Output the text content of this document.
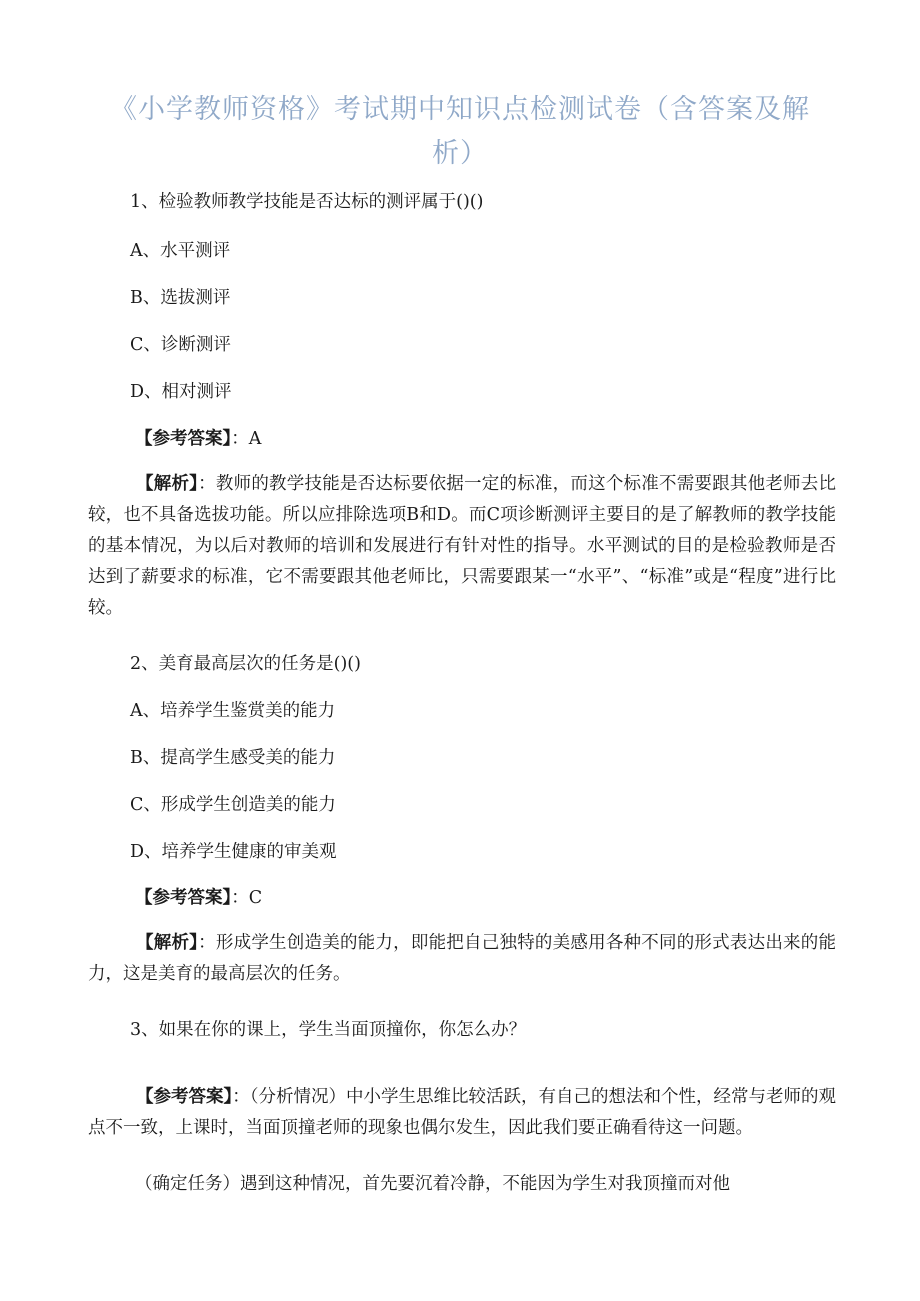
《小学教师资格》考试期中知识点检测试卷（含答案及解析）

1、检验教师教学技能是否达标的测评属于()()

A、水平测评

B、选拔测评

C、诊断测评

D、相对测评

【参考答案】：A

【解析】：教师的教学技能是否达标要依据一定的标准，而这个标准不需要跟其他老师去比较，也不具备选拔功能。所以应排除选项B和D。而C项诊断测评主要目的是了解教师的教学技能的基本情况，为以后对教师的培训和发展进行有针对性的指导。水平测试的目的是检验教师是否达到了薪要求的标准，它不需要跟其他老师比，只需要跟某一“水平”、“标准”或是“程度”进行比较。

2、美育最高层次的任务是()()

A、培养学生鉴赏美的能力

B、提高学生感受美的能力

C、形成学生创造美的能力

D、培养学生健康的审美观

【参考答案】：C

【解析】：形成学生创造美的能力，即能把自己独特的美感用各种不同的形式表达出来的能力，这是美育的最高层次的任务。

3、如果在你的课上，学生当面顶撞你，你怎么办？

【参考答案】：（分析情况）中小学生思维比较活跃，有自己的想法和个性，经常与老师的观点不一致，上课时，当面顶撞老师的现象也偶尔发生，因此我们要正确看待这一问题。

（确定任务）遇到这种情况，首先要沉着冷静，不能因为学生对我顶撞而对他
